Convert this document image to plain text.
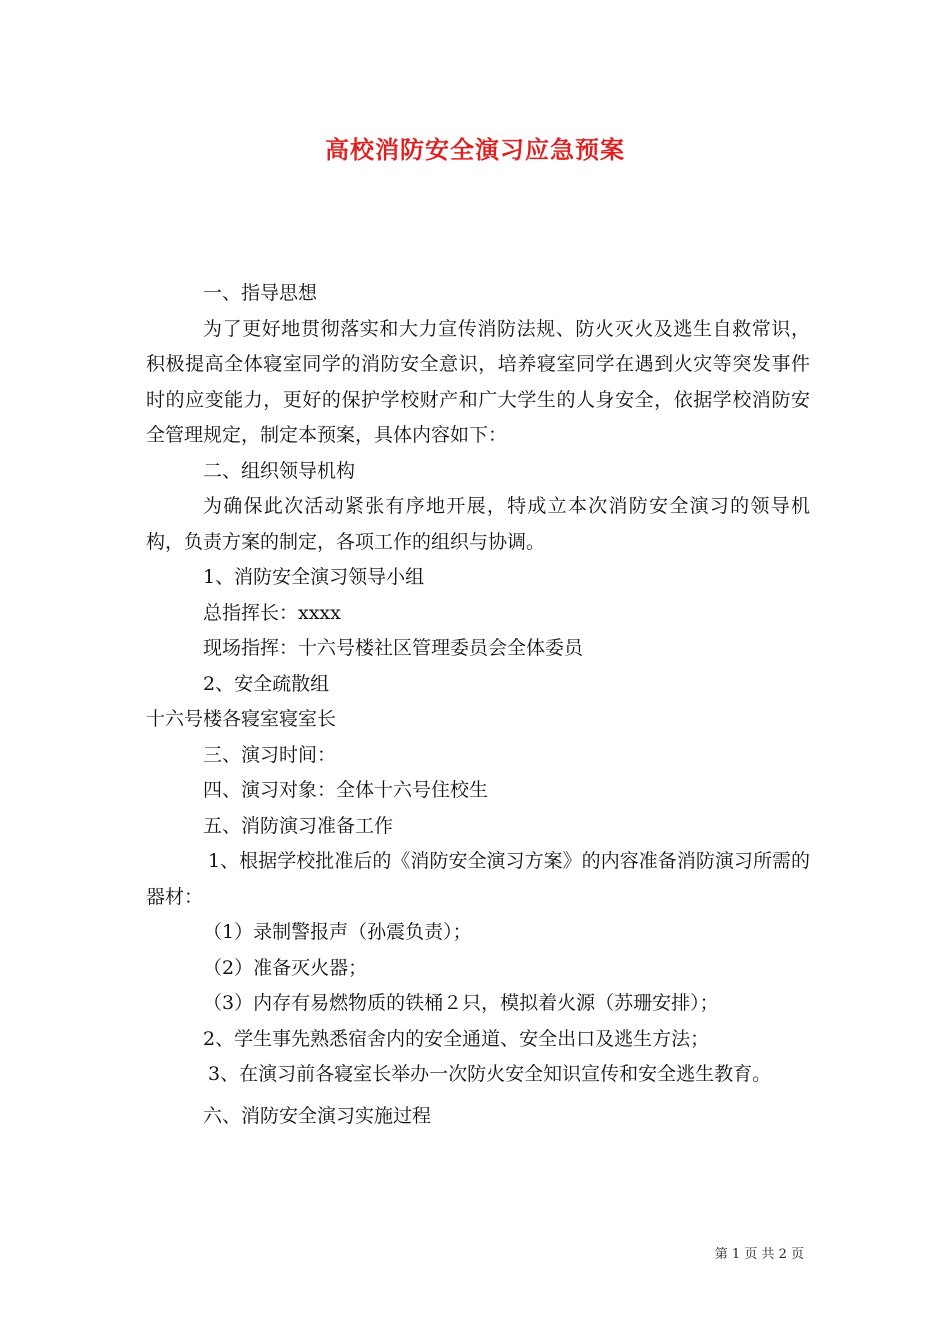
高校消防安全演习应急预案

一、指导思想

为了更好地贯彻落实和大力宣传消防法规、防火灭火及逃生自救常识，积极提高全体寝室同学的消防安全意识，培养寝室同学在遇到火灾等突发事件时的应变能力，更好的保护学校财产和广大学生的人身安全，依据学校消防安全管理规定，制定本预案，具体内容如下：

二、组织领导机构

为确保此次活动紧张有序地开展，特成立本次消防安全演习的领导机构，负责方案的制定，各项工作的组织与协调。

1、消防安全演习领导小组

总指挥长：xxxx

现场指挥：十六号楼社区管理委员会全体委员

2、安全疏散组

十六号楼各寝室寝室长

三、演习时间：

四、演习对象：全体十六号住校生

五、消防演习准备工作

1、根据学校批准后的《消防安全演习方案》的内容准备消防演习所需的器材：

（1）录制警报声（孙震负责）；

（2）准备灭火器；

（3）内存有易燃物质的铁桶２只，模拟着火源（苏珊安排）；

2、学生事先熟悉宿舍内的安全通道、安全出口及逃生方法；

3、在演习前各寝室长举办一次防火安全知识宣传和安全逃生教育。

六、消防安全演习实施过程

第 1 页 共 2 页
